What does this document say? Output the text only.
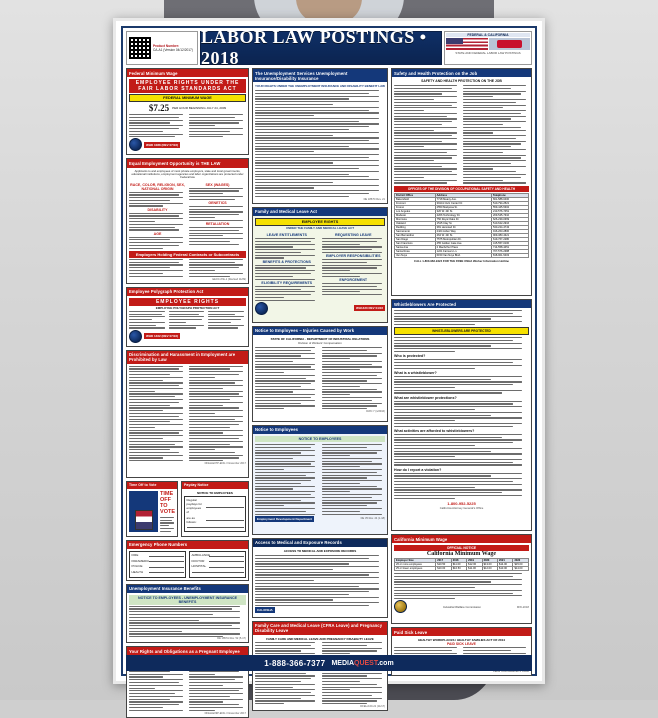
Product Number:
CA-A1 (Version 04/12/2017)
LABOR LAW POSTINGS • 2018
FEDERAL & CALIFORNIA
STATE AND FEDERAL LABOR LAW POSTINGS
Federal Minimum Wage
EMPLOYEE RIGHTS UNDER THE FAIR LABOR STANDARDS ACT
FEDERAL MINIMUM WAGE
$7.25 PER HOUR BEGINNING JULY 24, 2009
WHD 1088 (REV 07/16)
Equal Employment Opportunity is THE LAW
Applicants to and employees of most private employers, state and local governments, educational institutions, employment agencies and labor organizations are protected under Federal law
RACE, COLOR, RELIGION, SEX, NATIONAL ORIGIN
DISABILITY
AGE
SEX (WAGES)
GENETICS
RETALIATION
Employers Holding Federal Contracts or Subcontracts
EEOC-P/E-1 (Revised 11/09)
Employee Polygraph Protection Act
EMPLOYEE RIGHTS
EMPLOYEE POLYGRAPH PROTECTION ACT
WHD 1462 (REV 07/16)
Discrimination and Harassment in Employment are Prohibited by Law
DFEH-E07P-ENG / November 2017
Time Off to Vote
TIME OFF TO VOTE
Payday Notice
NOTICE TO EMPLOYEES
Regular paydays for employees of
are as follows:
Emergency Phone Numbers
FIRE
PARAMEDIC
POLICE
HEALTH
AMBULANCE
DOCTOR
HOSPITAL
Unemployment Insurance Benefits
NOTICE TO EMPLOYEES - UNEMPLOYMENT INSURANCE BENEFITS
DE 1857A Rev. 52 (5-17)
Your Rights and Obligations as a Pregnant Employee
DFEH-E09P-ENG / November 2017
The Unemployment Services Unemployment Insurance/Disability Insurance
YOUR RIGHTS UNDER THE UNEMPLOYMENT INSURANCE AND DISABILITY BENEFIT LAW
DE 1857D Rev. 21
Family and Medical Leave Act
EMPLOYEE RIGHTS
UNDER THE FAMILY AND MEDICAL LEAVE ACT
LEAVE ENTITLEMENTS
BENEFITS & PROTECTIONS
ELIGIBILITY REQUIREMENTS
REQUESTING LEAVE
EMPLOYER RESPONSIBILITIES
ENFORCEMENT
WH1420 REV 04/16
Notice to Employees – Injuries Caused by Work
STATE OF CALIFORNIA - DEPARTMENT OF INDUSTRIAL RELATIONS
Division of Workers' Compensation
DWC 7 (1/2016)
Notice to Employees
NOTICE TO EMPLOYEES
Employment Development Department	DE 35 Rev. 24 (1-18)
Access to Medical and Exposure Records
ACCESS TO MEDICAL AND EXPOSURE RECORDS
CAL/OSHA
Family Care and Medical Leave (CFRA Leave) and Pregnancy Disability Leave
FAMILY CARE AND MEDICAL LEAVE AND PREGNANCY DISABILITY LEAVE
DFEH-100-21 (11/17)
Safety and Health Protection on the Job
SAFETY AND HEALTH PROTECTION ON THE JOB
OFFICES OF THE DIVISION OF OCCUPATIONAL SAFETY AND HEALTH
District Office	Address	Telephone
Bakersfield	7718 Meany Ave.	661-588-6400
Fremont	39141 Civic Center Dr.	510-794-2521
Fresno	2550 Mariposa St.	559-445-5302
Los Angeles	320 W. 4th St.	213-576-7451
Modesto	4206 Technology Dr.	209-545-7310
Monrovia	750 Royal Oaks Dr.	626-239-0369
Oakland	1515 Clay St.	510-622-2916
Redding	381 Hemsted Dr.	530-224-4743
Sacramento	2424 Arden Way	916-263-2800
San Bernardino	464 W. 4th St.	909-383-4321
San Diego	7575 Metropolitan Dr.	619-767-2280
San Francisco	455 Golden Gate Ave.	415-557-0100
Santa Ana	2 MacArthur Place	714-558-4451
Santa Rosa	1221 Farmers Ln.	707-576-2388
Van Nuys	6150 Van Nuys Blvd.	818-901-5403
CALL 1-800-963-9424 FOR THE FREE OSHA Worker Information Hotline
Whistleblowers Are Protected
WHISTLEBLOWERS ARE PROTECTED
Who is protected?
What is a whistleblower?
What are whistleblower protections?
What activities are afforded to whistleblowers?
How do I report a violation?
1-800-952-5225
California Attorney General's Office
California Minimum Wage
OFFICIAL NOTICE
California Minimum Wage
Employer Size	2017	2018	2019	2020	2021	2022
26 or more employees	$10.50	$11.00	$12.00	$13.00	$14.00	$15.00
25 or fewer employees	$10.00	$10.50	$11.00	$12.00	$13.00	$14.00
Industrial Welfare Commission	MW-2018
Paid Sick Leave
HEALTHY WORKPLACES / HEALTHY FAMILIES ACT OF 2014
PAID SICK LEAVE
1-888-366-7377 MEDIAQUEST.com
